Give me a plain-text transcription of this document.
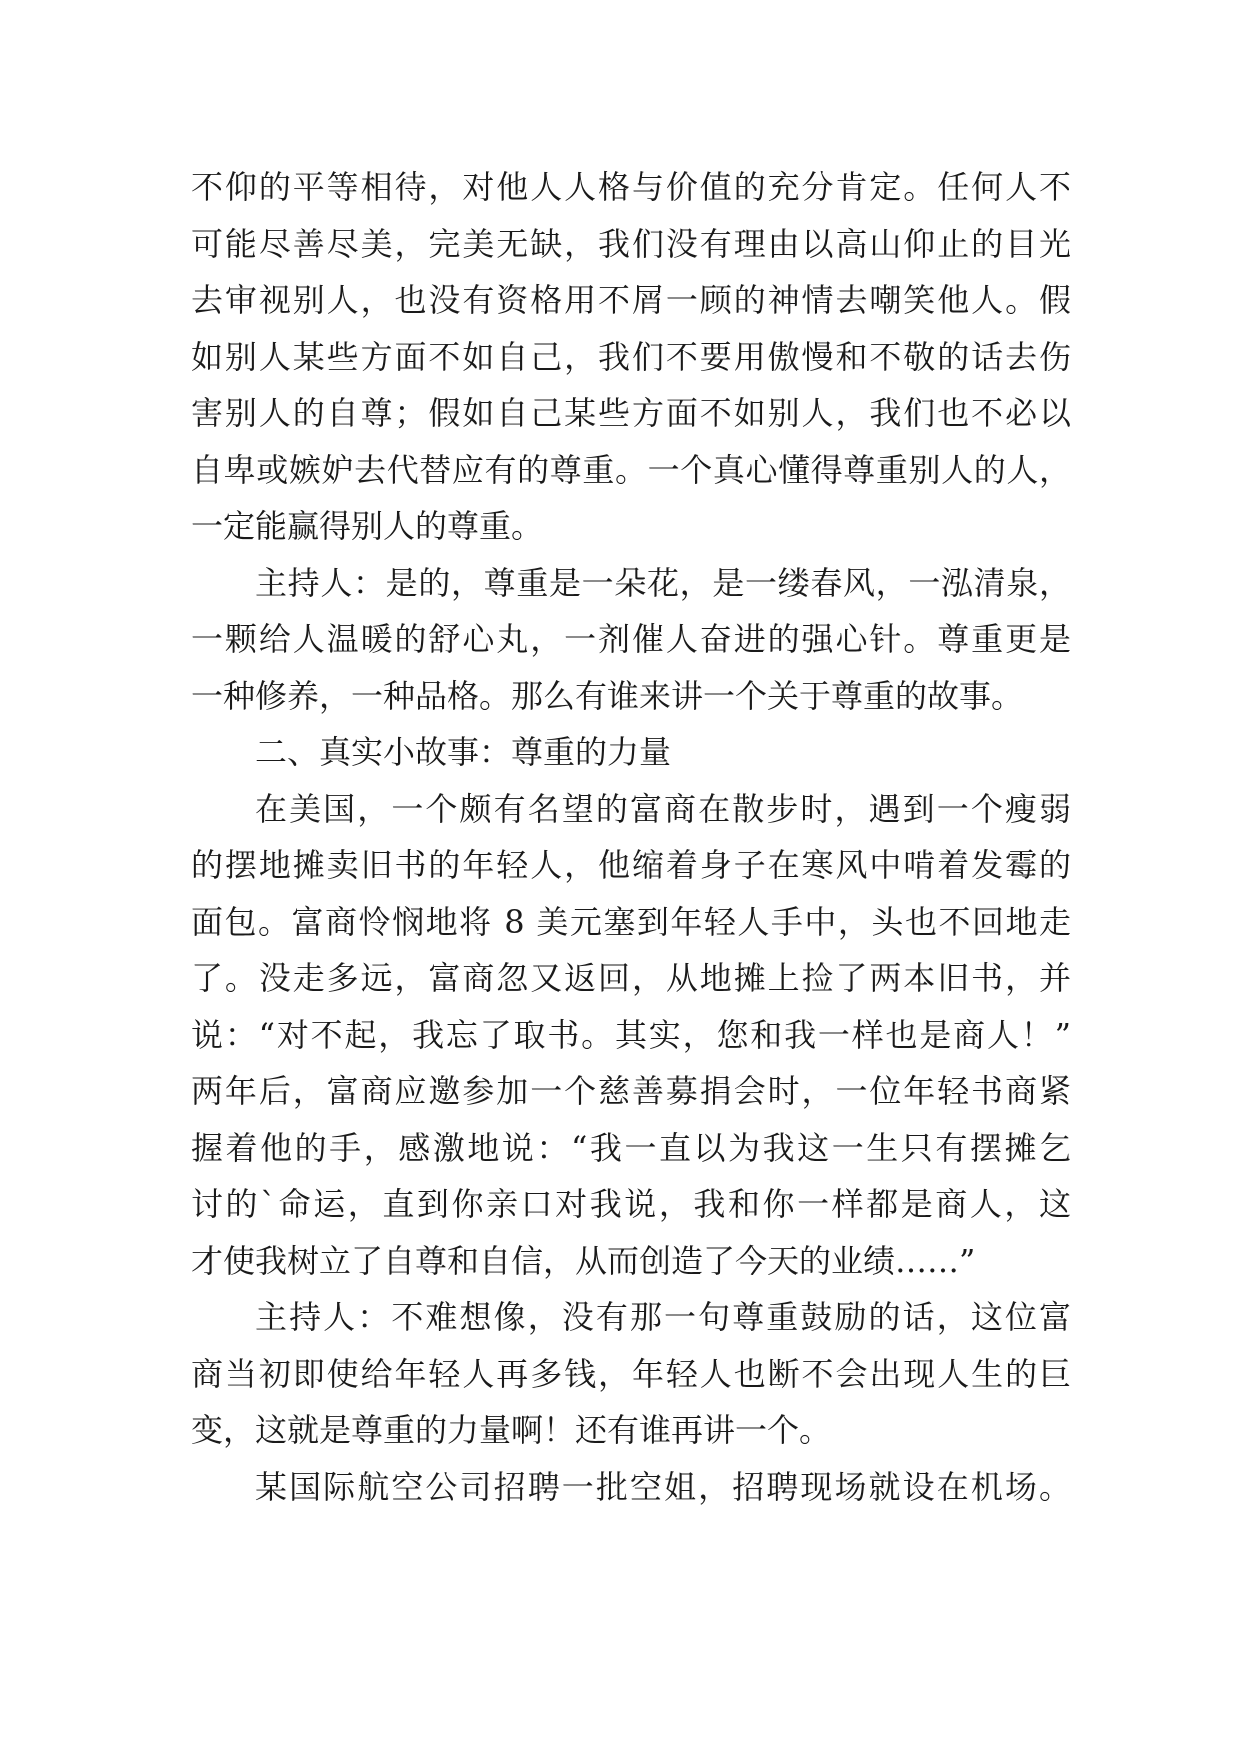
不仰的平等相待，对他人人格与价值的充分肯定。任何人不
可能尽善尽美，完美无缺，我们没有理由以高山仰止的目光
去审视别人，也没有资格用不屑一顾的神情去嘲笑他人。假
如别人某些方面不如自己，我们不要用傲慢和不敬的话去伤
害别人的自尊；假如自己某些方面不如别人，我们也不必以
自卑或嫉妒去代替应有的尊重。一个真心懂得尊重别人的人，
一定能赢得别人的尊重。
主持人：是的，尊重是一朵花，是一缕春风，一泓清泉，
一颗给人温暖的舒心丸，一剂催人奋进的强心针。尊重更是
一种修养，一种品格。那么有谁来讲一个关于尊重的故事。
二、真实小故事：尊重的力量
在美国，一个颇有名望的富商在散步时，遇到一个瘦弱
的摆地摊卖旧书的年轻人，他缩着身子在寒风中啃着发霉的
面包。富商怜悯地将 8 美元塞到年轻人手中，头也不回地走
了。没走多远，富商忽又返回，从地摊上捡了两本旧书，并
说：“对不起，我忘了取书。其实，您和我一样也是商人！”
两年后，富商应邀参加一个慈善募捐会时，一位年轻书商紧
握着他的手，感激地说：“我一直以为我这一生只有摆摊乞
讨的`命运，直到你亲口对我说，我和你一样都是商人，这
才使我树立了自尊和自信，从而创造了今天的业绩……”
主持人：不难想像，没有那一句尊重鼓励的话，这位富
商当初即使给年轻人再多钱，年轻人也断不会出现人生的巨
变，这就是尊重的力量啊！还有谁再讲一个。
某国际航空公司招聘一批空姐，招聘现场就设在机场。
